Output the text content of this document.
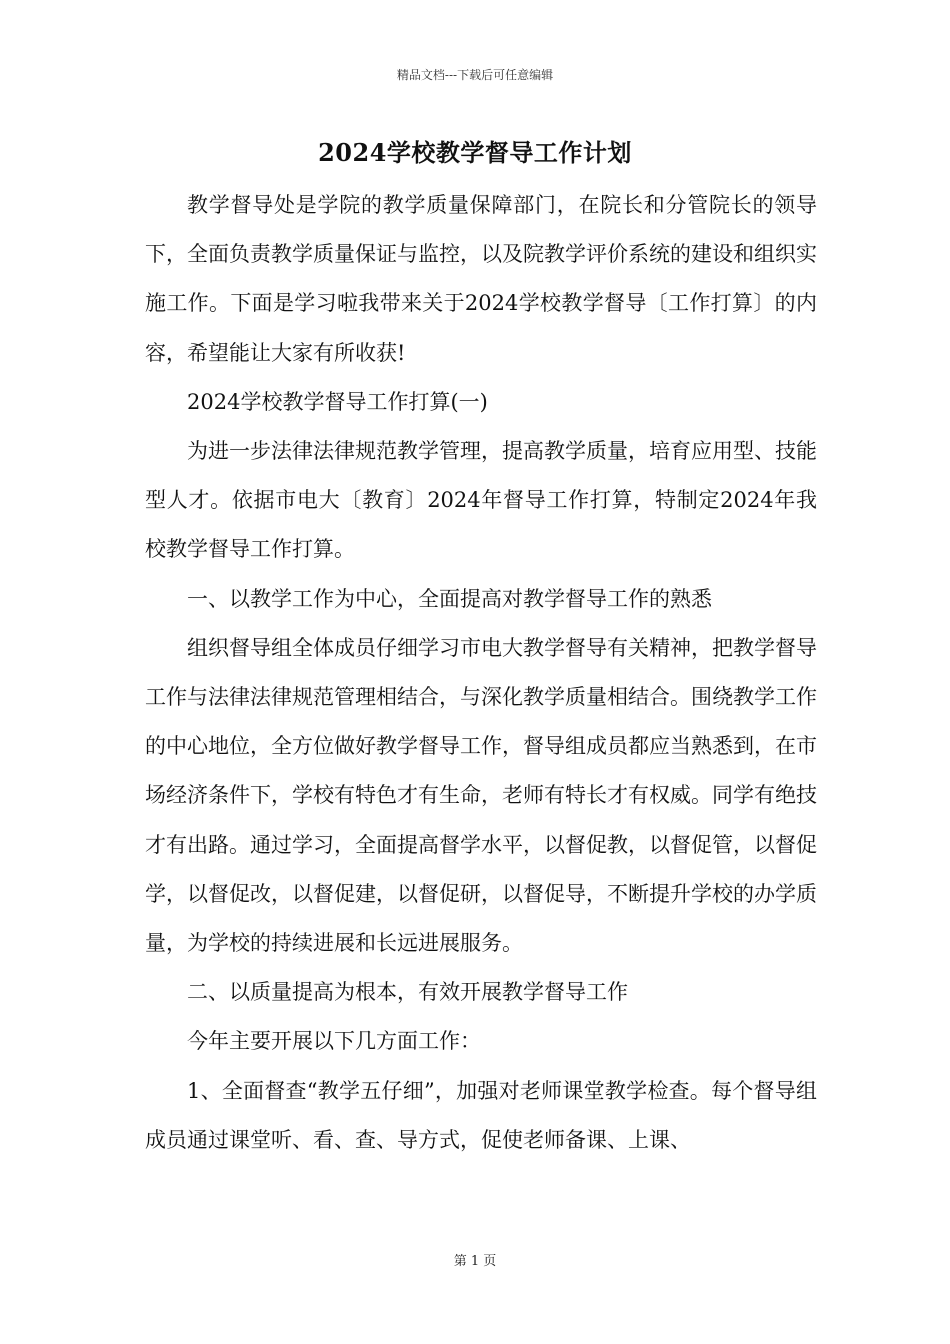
精品文档---下载后可任意编辑
2024学校教学督导工作计划

教学督导处是学院的教学质量保障部门，在院长和分管院长的领导下，全面负责教学质量保证与监控，以及院教学评价系统的建设和组织实施工作。下面是学习啦我带来关于2024学校教学督导〔工作打算〕的内容，希望能让大家有所收获!

2024学校教学督导工作打算(一)

为进一步法律法律规范教学管理，提高教学质量，培育应用型、技能型人才。依据市电大〔教育〕2024年督导工作打算，特制定2024年我校教学督导工作打算。

一、以教学工作为中心，全面提高对教学督导工作的熟悉

组织督导组全体成员仔细学习市电大教学督导有关精神，把教学督导工作与法律法律规范管理相结合，与深化教学质量相结合。围绕教学工作的中心地位，全方位做好教学督导工作，督导组成员都应当熟悉到，在市场经济条件下，学校有特色才有生命，老师有特长才有权威。同学有绝技才有出路。通过学习，全面提高督学水平，以督促教，以督促管，以督促学，以督促改，以督促建，以督促研，以督促导，不断提升学校的办学质量，为学校的持续进展和长远进展服务。

二、以质量提高为根本，有效开展教学督导工作

今年主要开展以下几方面工作：

1、全面督查“教学五仔细”，加强对老师课堂教学检查。每个督导组成员通过课堂听、看、查、导方式，促使老师备课、上课、

第 1 页
